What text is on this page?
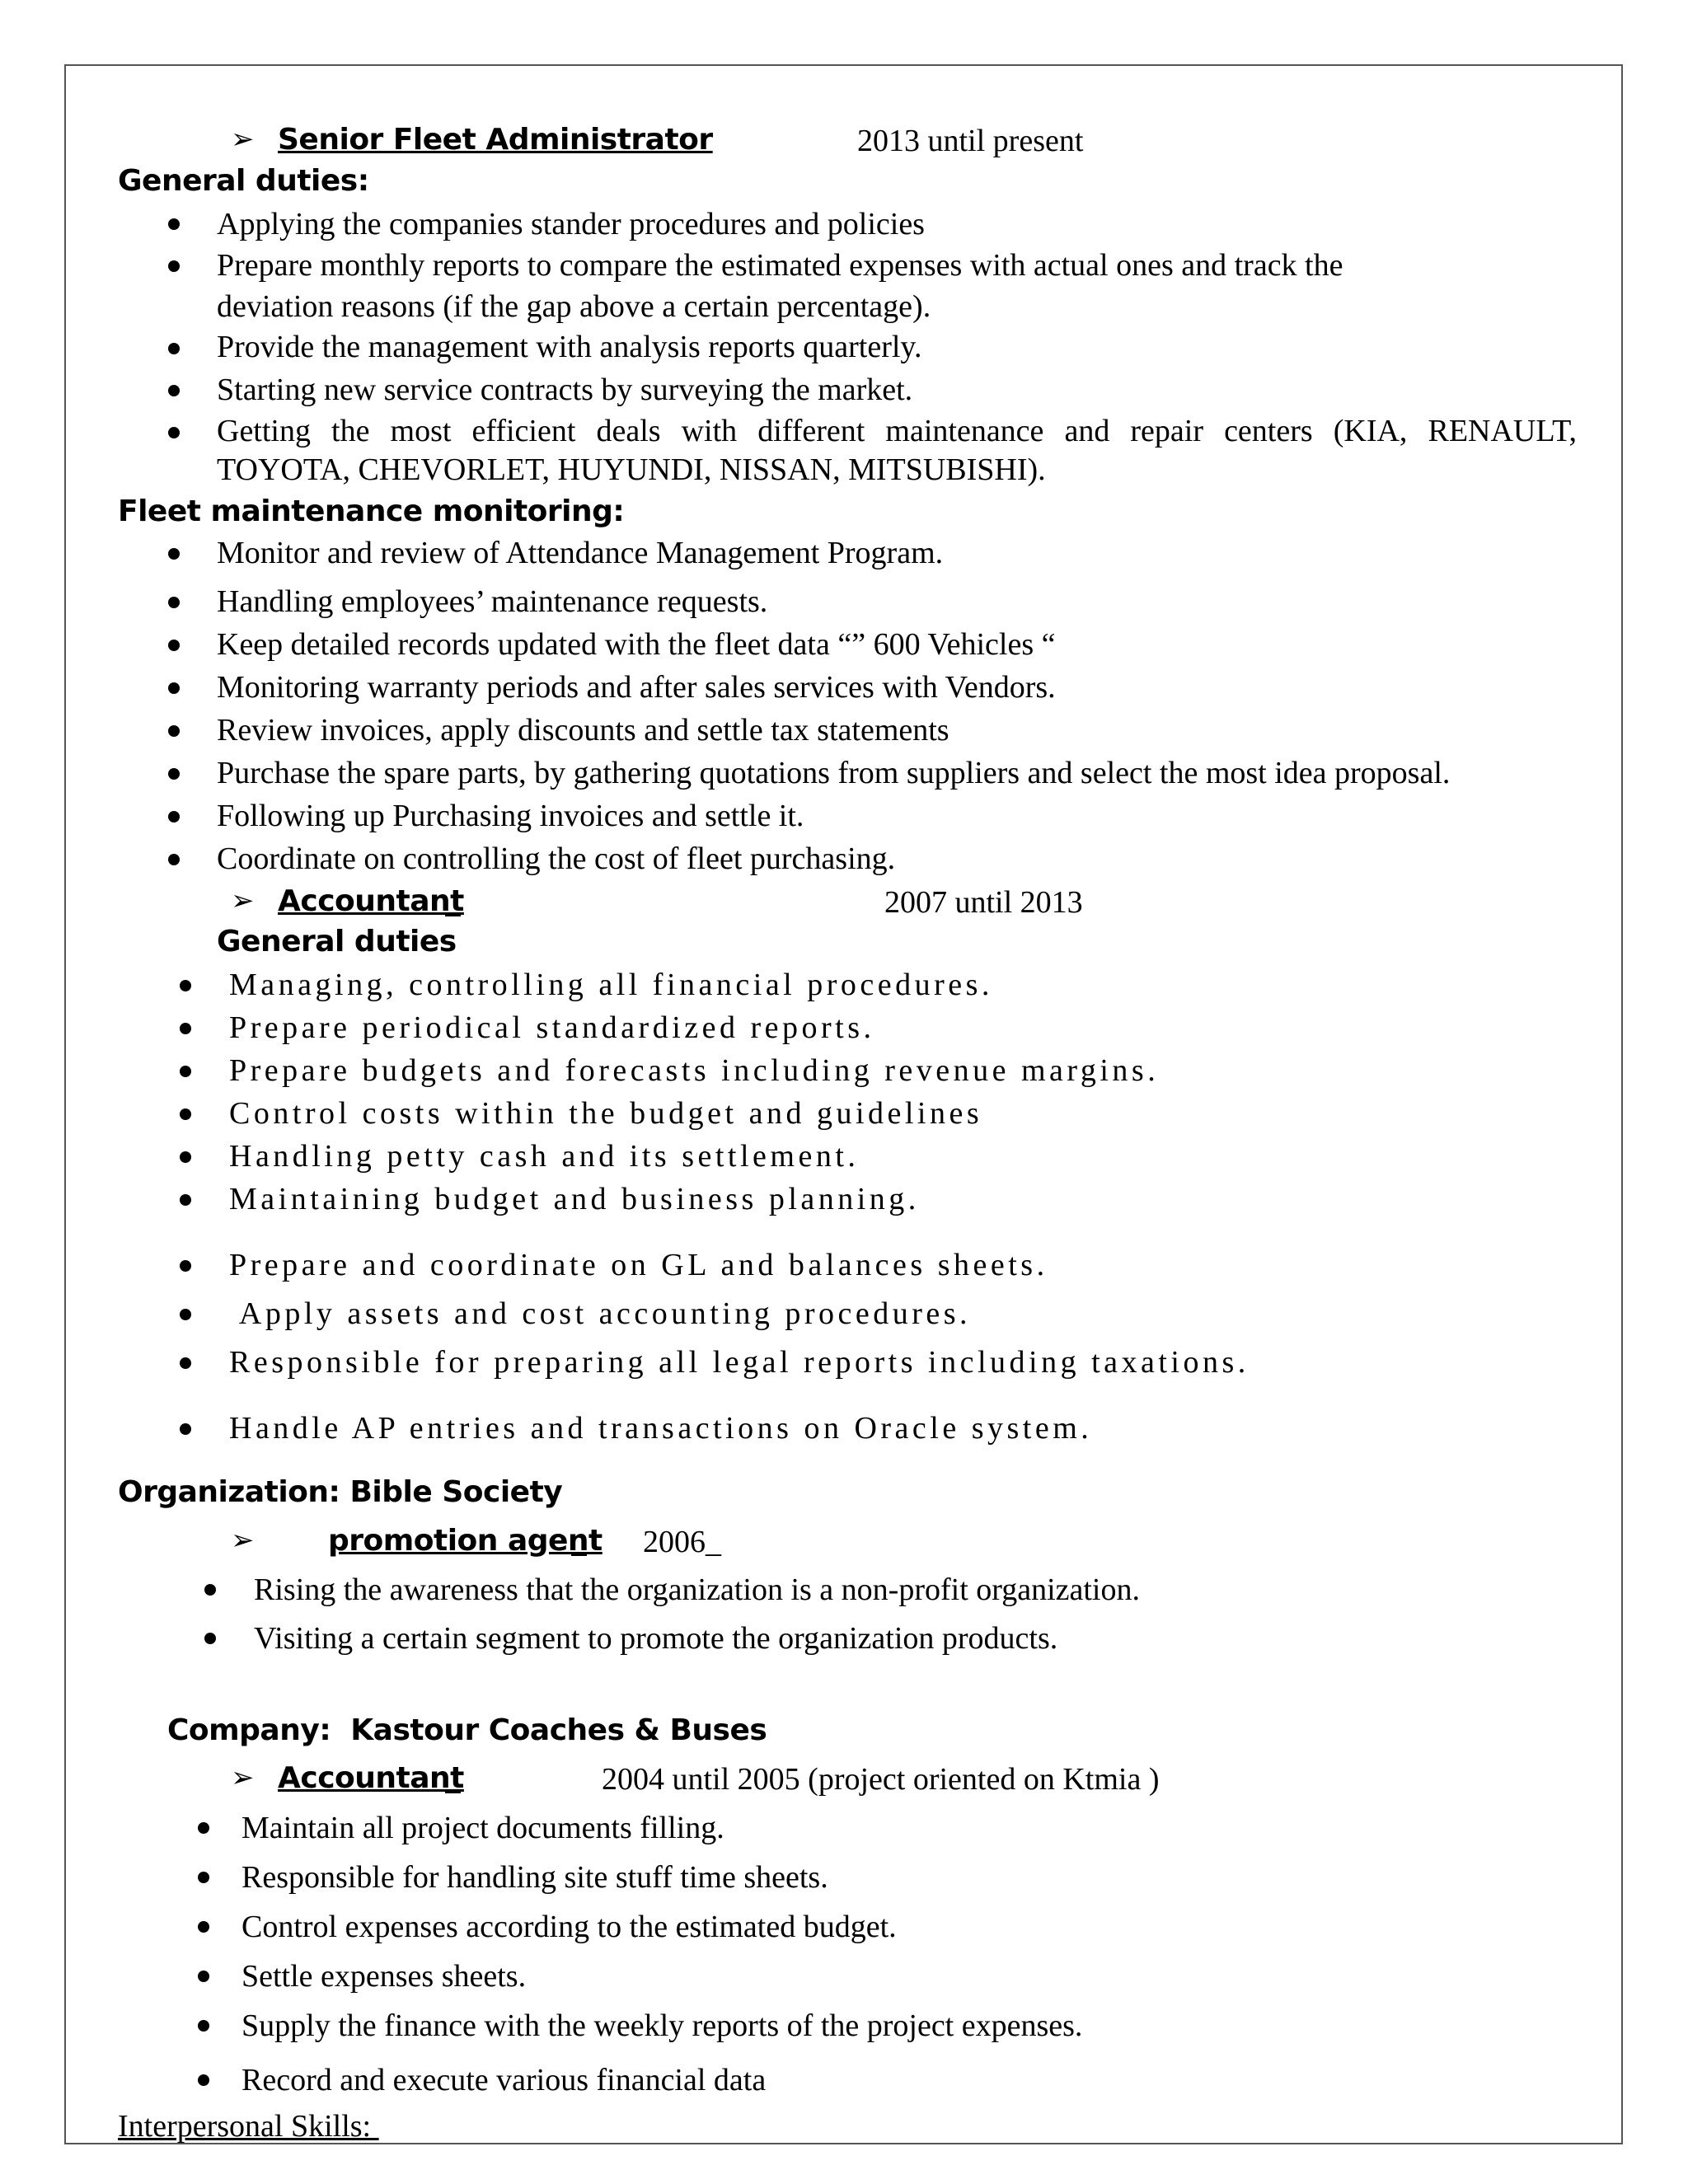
➢ Senior Fleet Administrator	2013 until present
General duties:
Applying the companies stander procedures and policies
Prepare monthly reports to compare the estimated expenses with actual ones and track the
deviation reasons (if the gap above a certain percentage).
Provide the management with analysis reports quarterly.
Starting new service contracts by surveying the market.
Getting the most efficient deals with different maintenance and repair centers (KIA, RENAULT,
TOYOTA, CHEVORLET, HUYUNDI, NISSAN, MITSUBISHI).
Fleet maintenance monitoring:
Monitor and review of Attendance Management Program.
Handling employees’ maintenance requests.
Keep detailed records updated with the fleet data “” 600 Vehicles “
Monitoring warranty periods and after sales services with Vendors.
Review invoices, apply discounts and settle tax statements
Purchase the spare parts, by gathering quotations from suppliers and select the most idea proposal.
Following up Purchasing invoices and settle it.
Coordinate on controlling the cost of fleet purchasing.
➢ Accountant
	2007 until 2013
General duties
Managing, controlling all financial procedures.
Prepare periodical standardized reports.
Prepare budgets and forecasts including revenue margins.
Control costs within the budget and guidelines
Handling petty cash and its settlement.
Maintaining budget and business planning.
Prepare and coordinate on GL and balances sheets.
Apply assets and cost accounting procedures.
Responsible for preparing all legal reports including taxations.
Handle AP entries and transactions on Oracle system.
Organization: Bible Society
➢ promotion agent
2006_
Rising the awareness that the organization is a non-profit organization.
Visiting a certain segment to promote the organization products.
Company:  Kastour Coaches & Buses
➢ Accountant
	2004 until 2005 (project oriented on Ktmia )
Maintain all project documents filling.
Responsible for handling site stuff time sheets.
Control expenses according to the estimated budget.
Settle expenses sheets.
Supply the finance with the weekly reports of the project expenses.
Record and execute various financial data
Interpersonal Skills:
